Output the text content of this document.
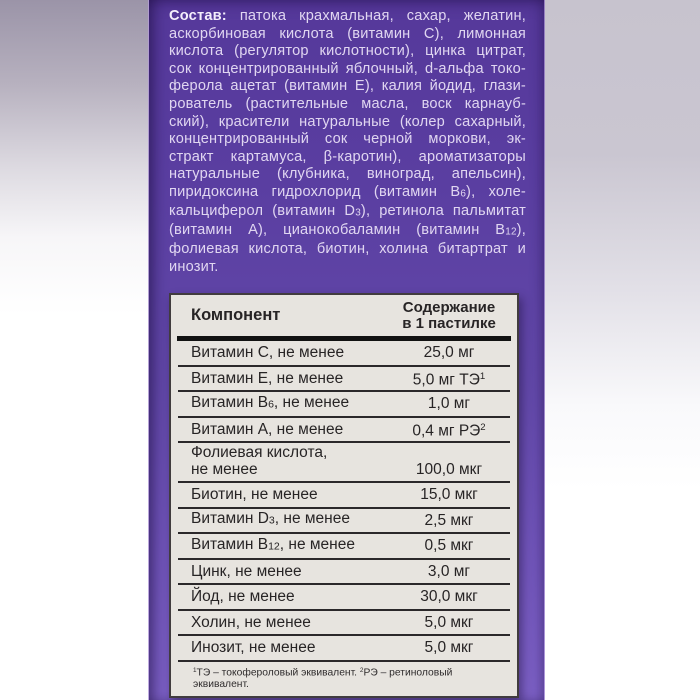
Состав: патока крахмальная, сахар, желатин,
аскорбиновая кислота (витамин С), лимонная
кислота (регулятор кислотности), цинка цитрат,
сок концентрированный яблочный, d-альфа токо-
ферола ацетат (витамин Е), калия йодид, глази-
рователь (растительные масла, воск карнауб-
ский), красители натуральные (колер сахарный,
концентрированный сок черной моркови, эк-
стракт картамуса, β-каротин), ароматизаторы
натуральные (клубника, виноград, апельсин),
пиридоксина гидрохлорид (витамин В6), холе-
кальциферол (витамин D3), ретинола пальмитат
(витамин А), цианокобаламин (витамин В12),
фолиевая кислота, биотин, холина битартрат и
инозит.
Компонент	Содержание
в 1 пастилке
Витамин С, не менее	25,0 мг
Витамин Е, не менее	5,0 мг $ТЭ^1$
Витамин В6, не менее	1,0 мг
Витамин А, не менее	0,4 мг $РЭ^2$
Фолиевая кислота,
не менее	100,0 мкг
Биотин, не менее	15,0 мкг
Витамин D3, не менее	2,5 мкг
Витамин В12, не менее	0,5 мкг
Цинк, не менее	3,0 мг
Йод, не менее	30,0 мкг
Холин, не менее	5,0 мкг
Инозит, не менее	5,0 мкг
$^1$ТЭ – токофероловый эквивалент. $^2$РЭ – ретиноловый эквивалент.
